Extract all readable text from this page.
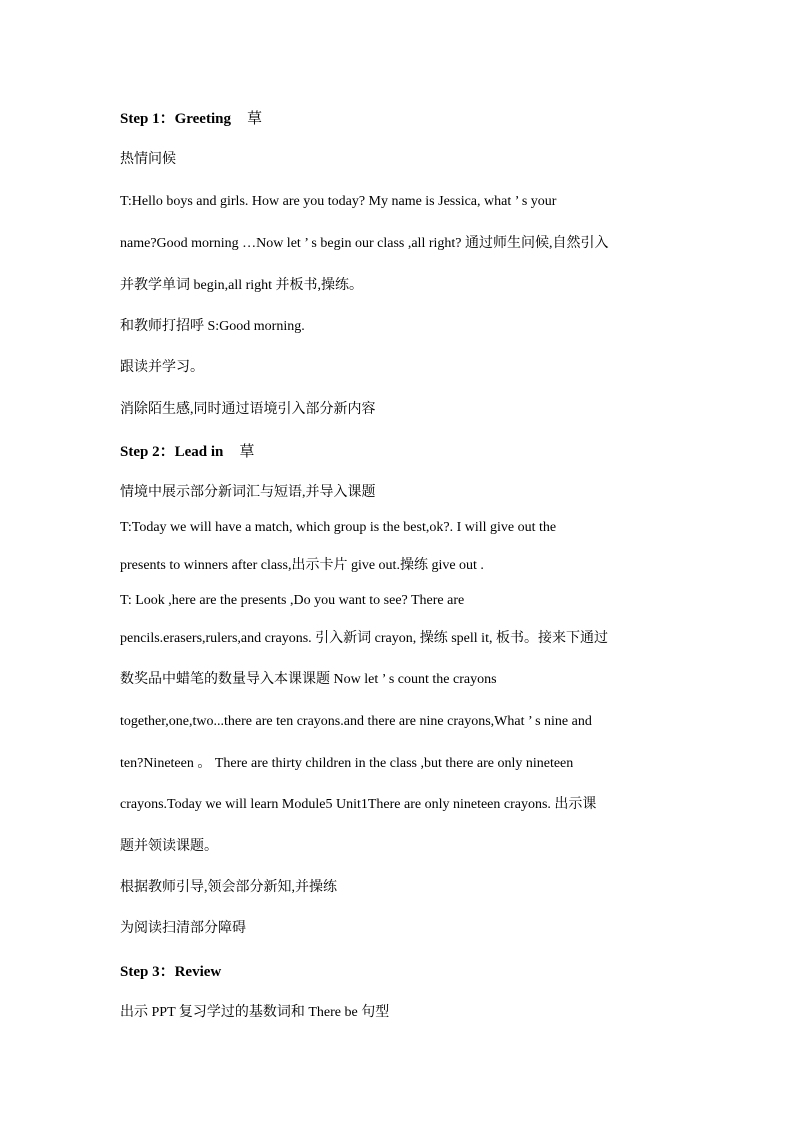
Step 1：Greeting 䓍
热情问候
T:Hello boys and girls. How are you today? My name is Jessica, what ’ s your
name?Good morning …Now let ’ s begin our class ,all right? 通过师生问候,自然引入
并教学单词 begin,all right 并板书,操练。
和教师打招呼 S:Good morning.
跟读并学习。
消除陌生感,同时通过语境引入部分新内容
Step 2：Lead in 䓍
情境中展示部分新词汇与短语,并导入课题
T:Today we will have a match, which group is the best,ok?. I will give out the
presents to winners after class,出示卡片 give out.操练 give out .
T: Look ,here are the presents ,Do you want to see? There are
pencils.erasers,rulers,and crayons. 引入新词 crayon, 操练 spell it, 板书。接来下通过
数奖品中蜡笔的数量导入本课课题 Now let ’ s count the crayons
together,one,two...there are ten crayons.and there are nine crayons,What ’ s nine and
ten?Nineteen 。 There are thirty children in the class ,but there are only nineteen
crayons.Today we will learn Module5 Unit1There are only nineteen crayons. 出示课
题并领读课题。
根据教师引导,领会部分新知,并操练
为阅读扫清部分障碍
Step 3：Review
出示 PPT 复习学过的基数词和 There be 句型
